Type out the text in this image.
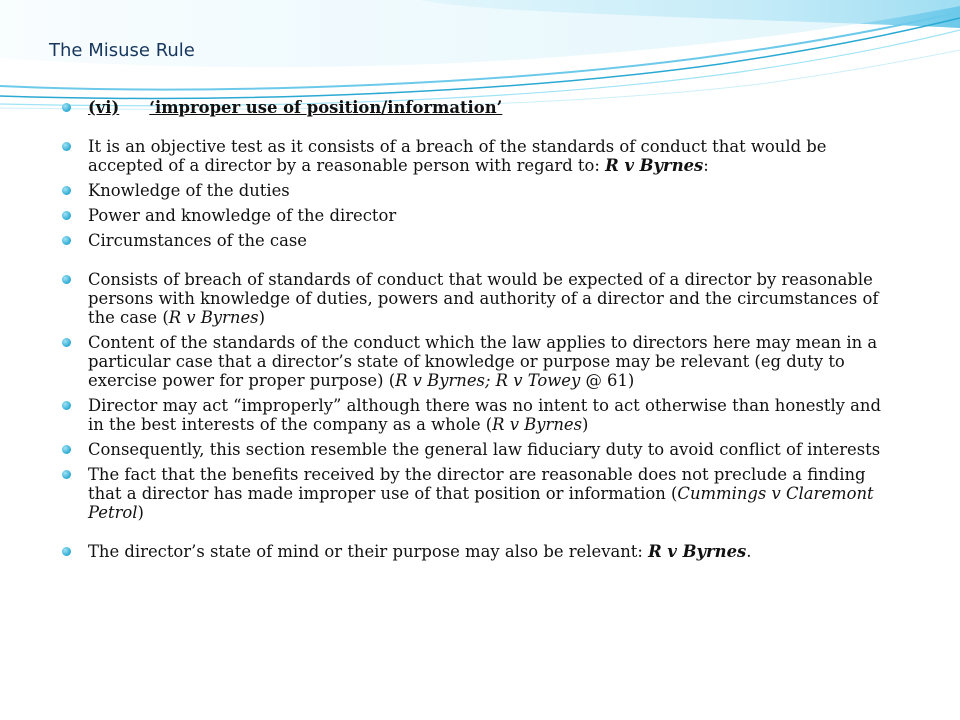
The Misuse Rule
(vi) ‘improper use of position/information’
It is an objective test as it consists of a breach of the standards of conduct that would be accepted of a director by a reasonable person with regard to: R v Byrnes:
Knowledge of the duties
Power and knowledge of the director
Circumstances of the case
Consists of breach of standards of conduct that would be expected of a director by reasonable persons with knowledge of duties, powers and authority of a director and the circumstances of the case (R v Byrnes)
Content of the standards of the conduct which the law applies to directors here may mean in a particular case that a director’s state of knowledge or purpose may be relevant (eg duty to exercise power for proper purpose) (R v Byrnes; R v Towey @ 61)
Director may act “improperly” although there was no intent to act otherwise than honestly and in the best interests of the company as a whole (R v Byrnes)
Consequently, this section resemble the general law fiduciary duty to avoid conflict of interests
The fact that the benefits received by the director are reasonable does not preclude a finding that a director has made improper use of that position or information (Cummings v Claremont Petrol)
The director’s state of mind or their purpose may also be relevant: R v Byrnes.
